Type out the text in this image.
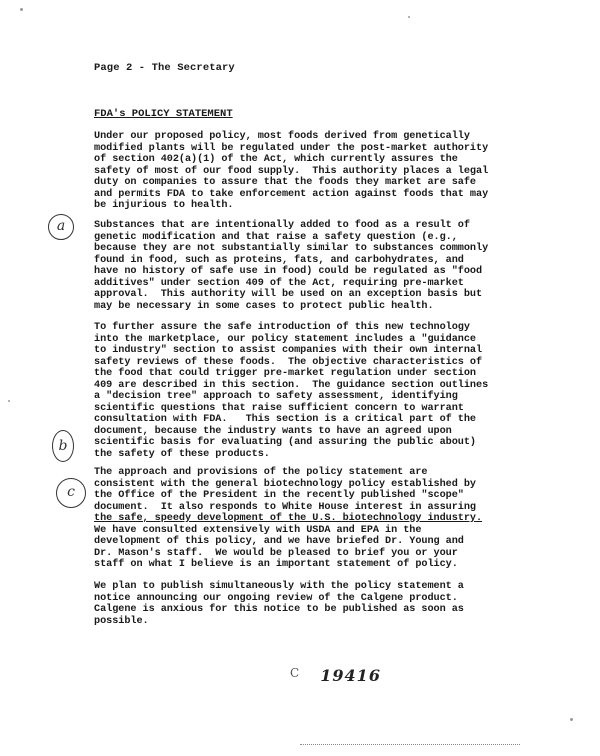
Page 2 - The Secretary
FDA's POLICY STATEMENT
Under our proposed policy, most foods derived from genetically
modified plants will be regulated under the post-market authority
of section 402(a)(1) of the Act, which currently assures the
safety of most of our food supply.  This authority places a legal
duty on companies to assure that the foods they market are safe
and permits FDA to take enforcement action against foods that may
be injurious to health.
Substances that are intentionally added to food as a result of
genetic modification and that raise a safety question (e.g.,
because they are not substantially similar to substances commonly
found in food, such as proteins, fats, and carbohydrates, and
have no history of safe use in food) could be regulated as "food
additives" under section 409 of the Act, requiring pre-market
approval.  This authority will be used on an exception basis but
may be necessary in some cases to protect public health.
To further assure the safe introduction of this new technology
into the marketplace, our policy statement includes a "guidance
to industry" section to assist companies with their own internal
safety reviews of these foods.  The objective characteristics of
the food that could trigger pre-market regulation under section
409 are described in this section.  The guidance section outlines
a "decision tree" approach to safety assessment, identifying
scientific questions that raise sufficient concern to warrant
consultation with FDA.   This section is a critical part of the
document, because the industry wants to have an agreed upon
scientific basis for evaluating (and assuring the public about)
the safety of these products.
The approach and provisions of the policy statement are
consistent with the general biotechnology policy established by
the Office of the President in the recently published "scope"
document.  It also responds to White House interest in assuring
the safe, speedy development of the U.S. biotechnology industry.
We have consulted extensively with USDA and EPA in the
development of this policy, and we have briefed Dr. Young and
Dr. Mason's staff.  We would be pleased to brief you or your
staff on what I believe is an important statement of policy.
We plan to publish simultaneously with the policy statement a
notice announcing our ongoing review of the Calgene product.
Calgene is anxious for this notice to be published as soon as
possible.
a
b
c
$^C$ 19416
